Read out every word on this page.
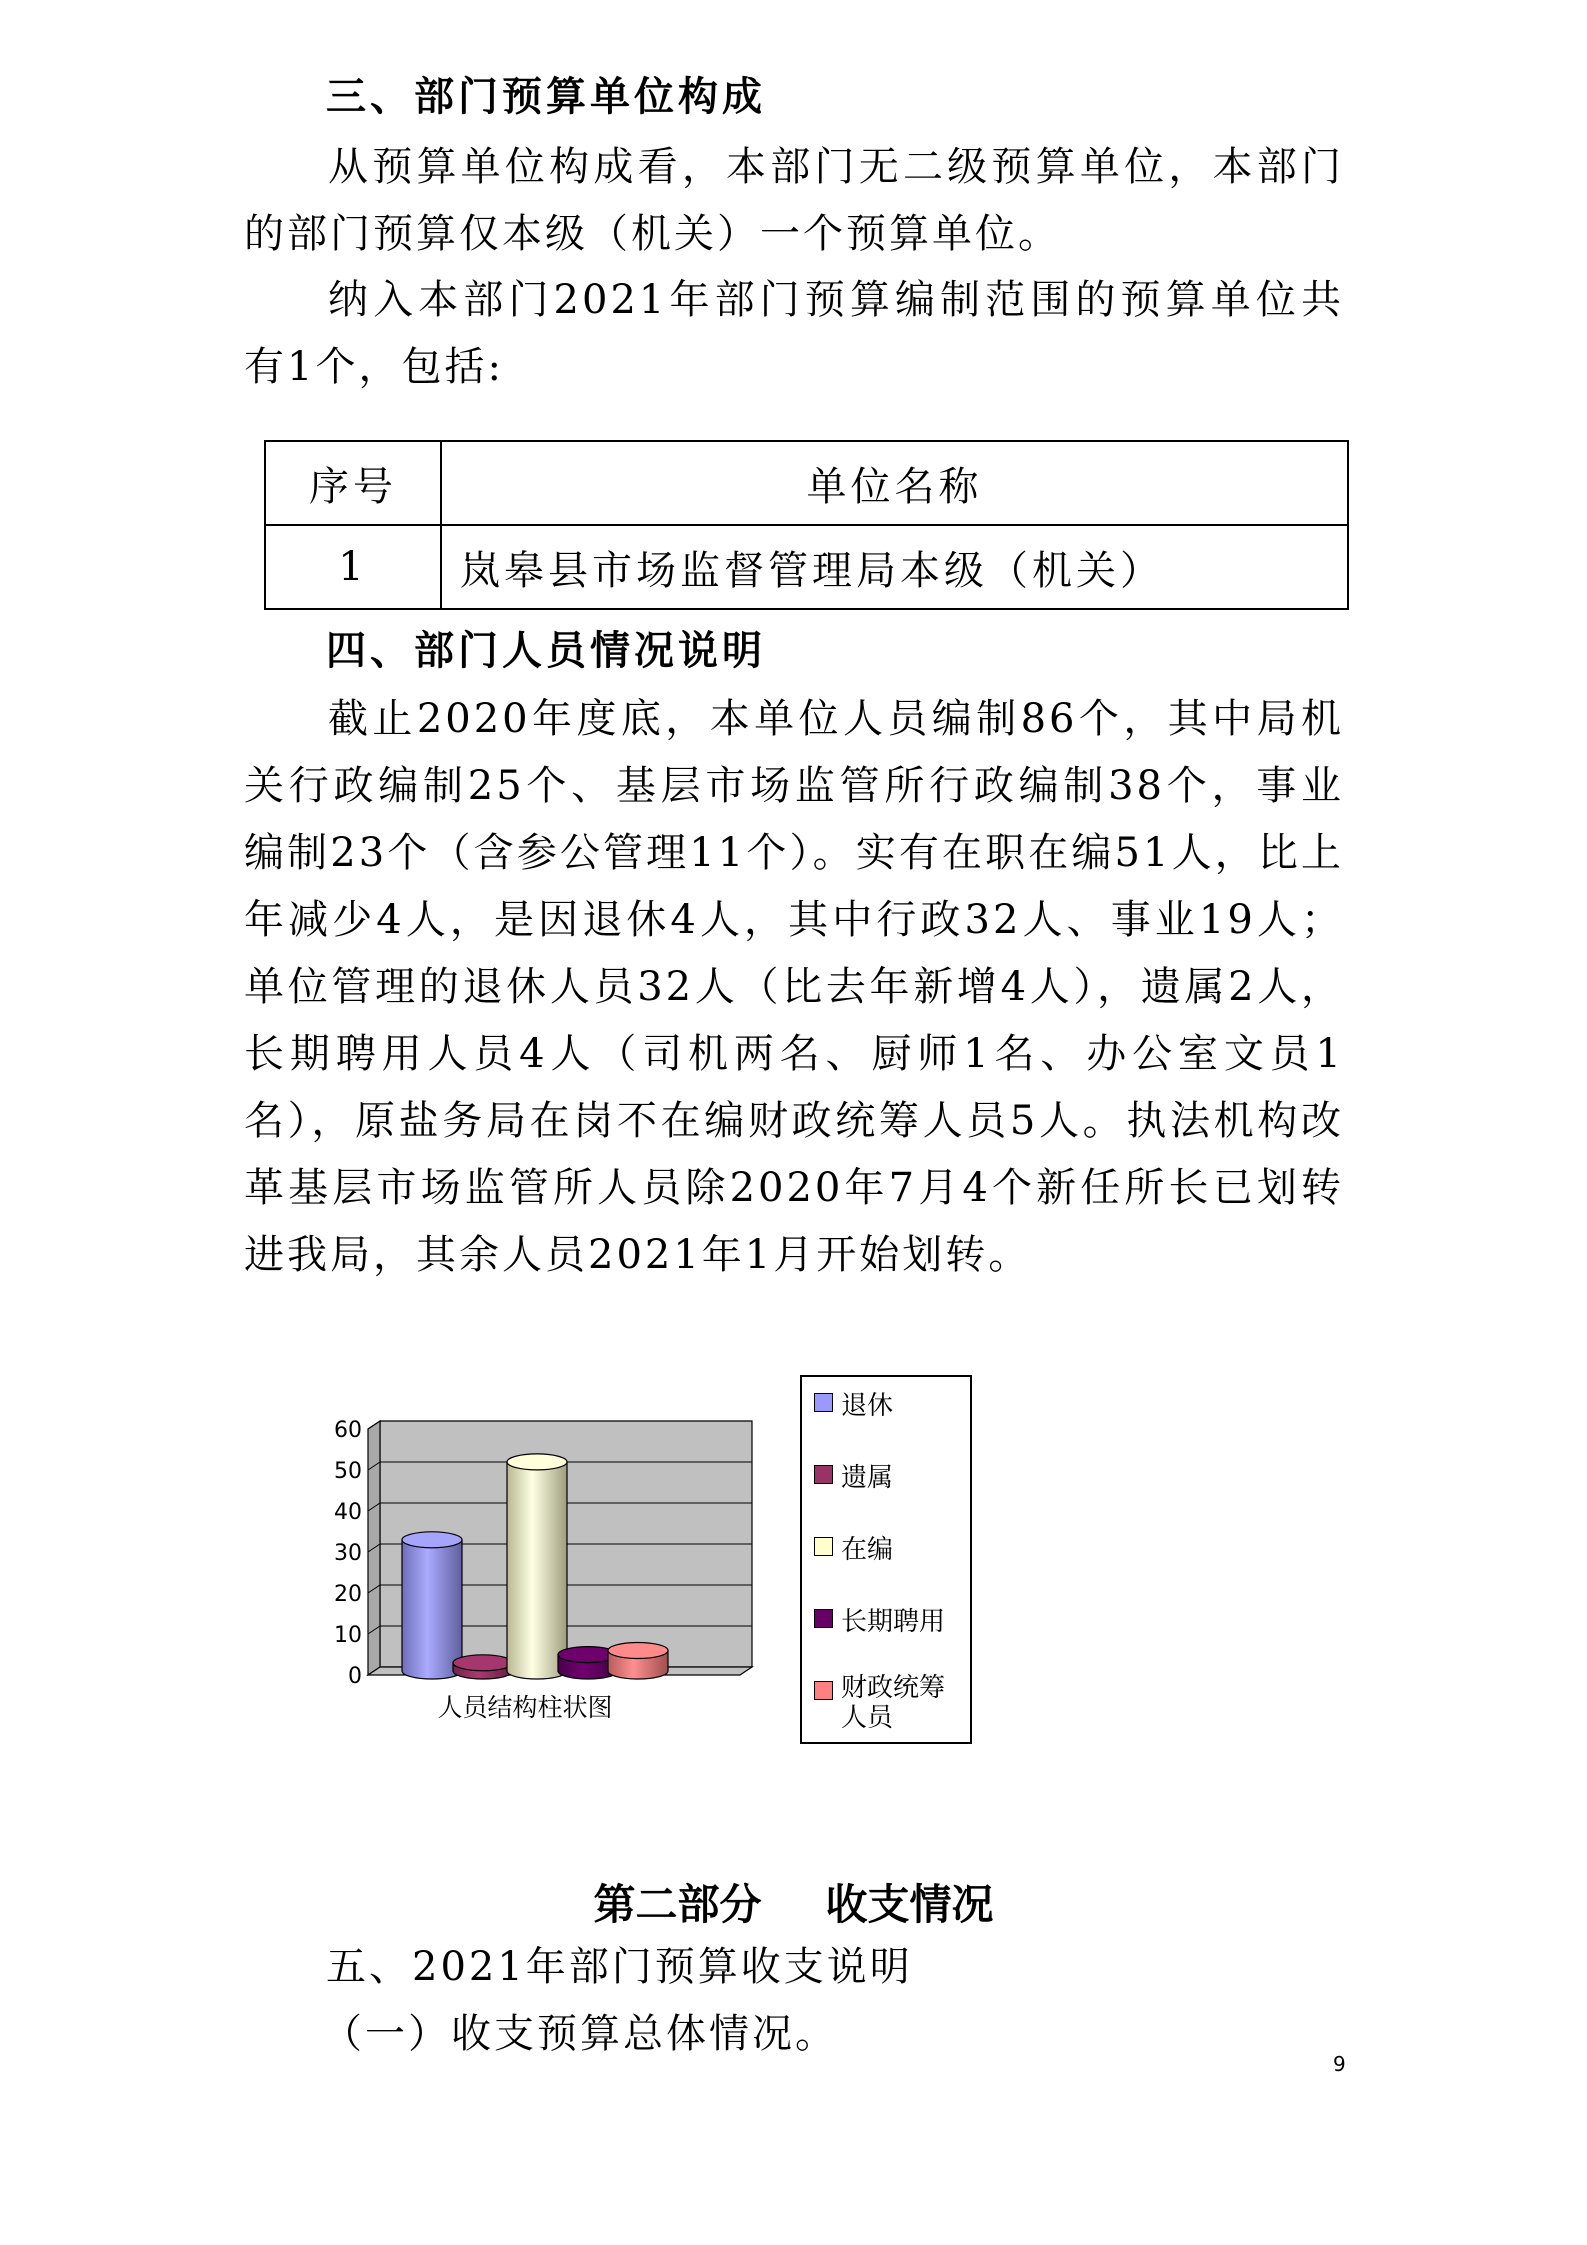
三、部门预算单位构成
从预算单位构成看，本部门无二级预算单位，本部门的部门预算仅本级（机关）一个预算单位。
纳入本部门2021年部门预算编制范围的预算单位共有1个，包括:
序号	单位名称
1	岚皋县市场监督管理局本级（机关）
四、部门人员情况说明
截止2020年度底，本单位人员编制86个，其中局机关行政编制25个、基层市场监管所行政编制38个，事业编制23个（含参公管理11个）。实有在职在编51人，比上年减少4人，是因退休4人，其中行政32人、事业19人；单位管理的退休人员32人（比去年新增4人），遗属2人，长期聘用人员4人（司机两名、厨师1名、办公室文员1名），原盐务局在岗不在编财政统筹人员5人。执法机构改革基层市场监管所人员除2020年7月4个新任所长已划转进我局，其余人员2021年1月开始划转。
0
10
20
30
40
50
60
人员结构柱状图
退休
遗属
在编
长期聘用
财政统筹
人员
第二部分 收支情况
五、2021年部门预算收支说明
（一）收支预算总体情况。
9
